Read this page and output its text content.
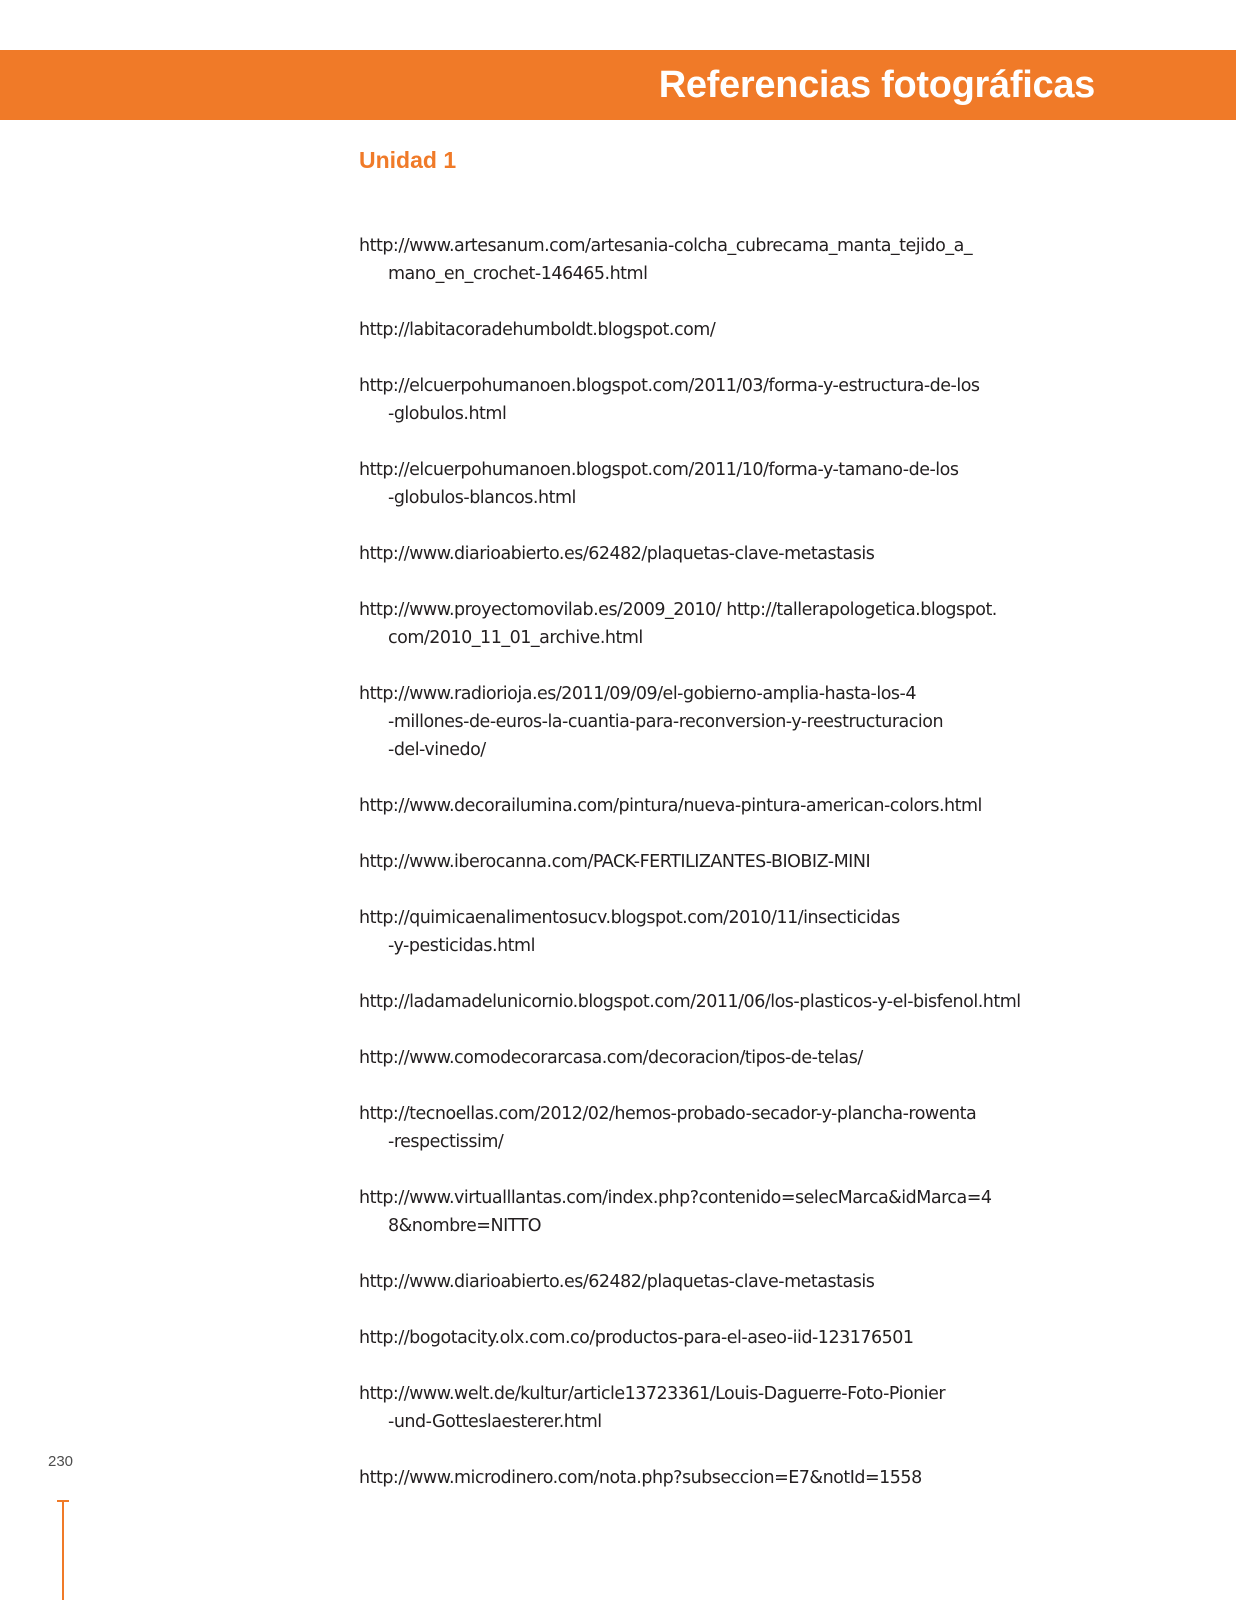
Referencias fotográficas
Unidad 1
http://www.artesanum.com/artesania-colcha_cubrecama_manta_tejido_a_
mano_en_crochet-146465.html
http://labitacoradehumboldt.blogspot.com/
http://elcuerpohumanoen.blogspot.com/2011/03/forma-y-estructura-de-los
-globulos.html
http://elcuerpohumanoen.blogspot.com/2011/10/forma-y-tamano-de-los
-globulos-blancos.html
http://www.diarioabierto.es/62482/plaquetas-clave-metastasis
http://www.proyectomovilab.es/2009_2010/ http://tallerapologetica.blogspot.
com/2010_11_01_archive.html
http://www.radiorioja.es/2011/09/09/el-gobierno-amplia-hasta-los-4
-millones-de-euros-la-cuantia-para-reconversion-y-reestructuracion
-del-vinedo/
http://www.decorailumina.com/pintura/nueva-pintura-american-colors.html
http://www.iberocanna.com/PACK-FERTILIZANTES-BIOBIZ-MINI
http://quimicaenalimentosucv.blogspot.com/2010/11/insecticidas
-y-pesticidas.html
http://ladamadelunicornio.blogspot.com/2011/06/los-plasticos-y-el-bisfenol.html
http://www.comodecorarcasa.com/decoracion/tipos-de-telas/
http://tecnoellas.com/2012/02/hemos-probado-secador-y-plancha-rowenta
-respectissim/
http://www.virtualllantas.com/index.php?contenido=selecMarca&idMarca=4
8&nombre=NITTO
http://www.diarioabierto.es/62482/plaquetas-clave-metastasis
http://bogotacity.olx.com.co/productos-para-el-aseo-iid-123176501
http://www.welt.de/kultur/article13723361/Louis-Daguerre-Foto-Pionier
-und-Gotteslaesterer.html
http://www.microdinero.com/nota.php?subseccion=E7&notId=1558

230
